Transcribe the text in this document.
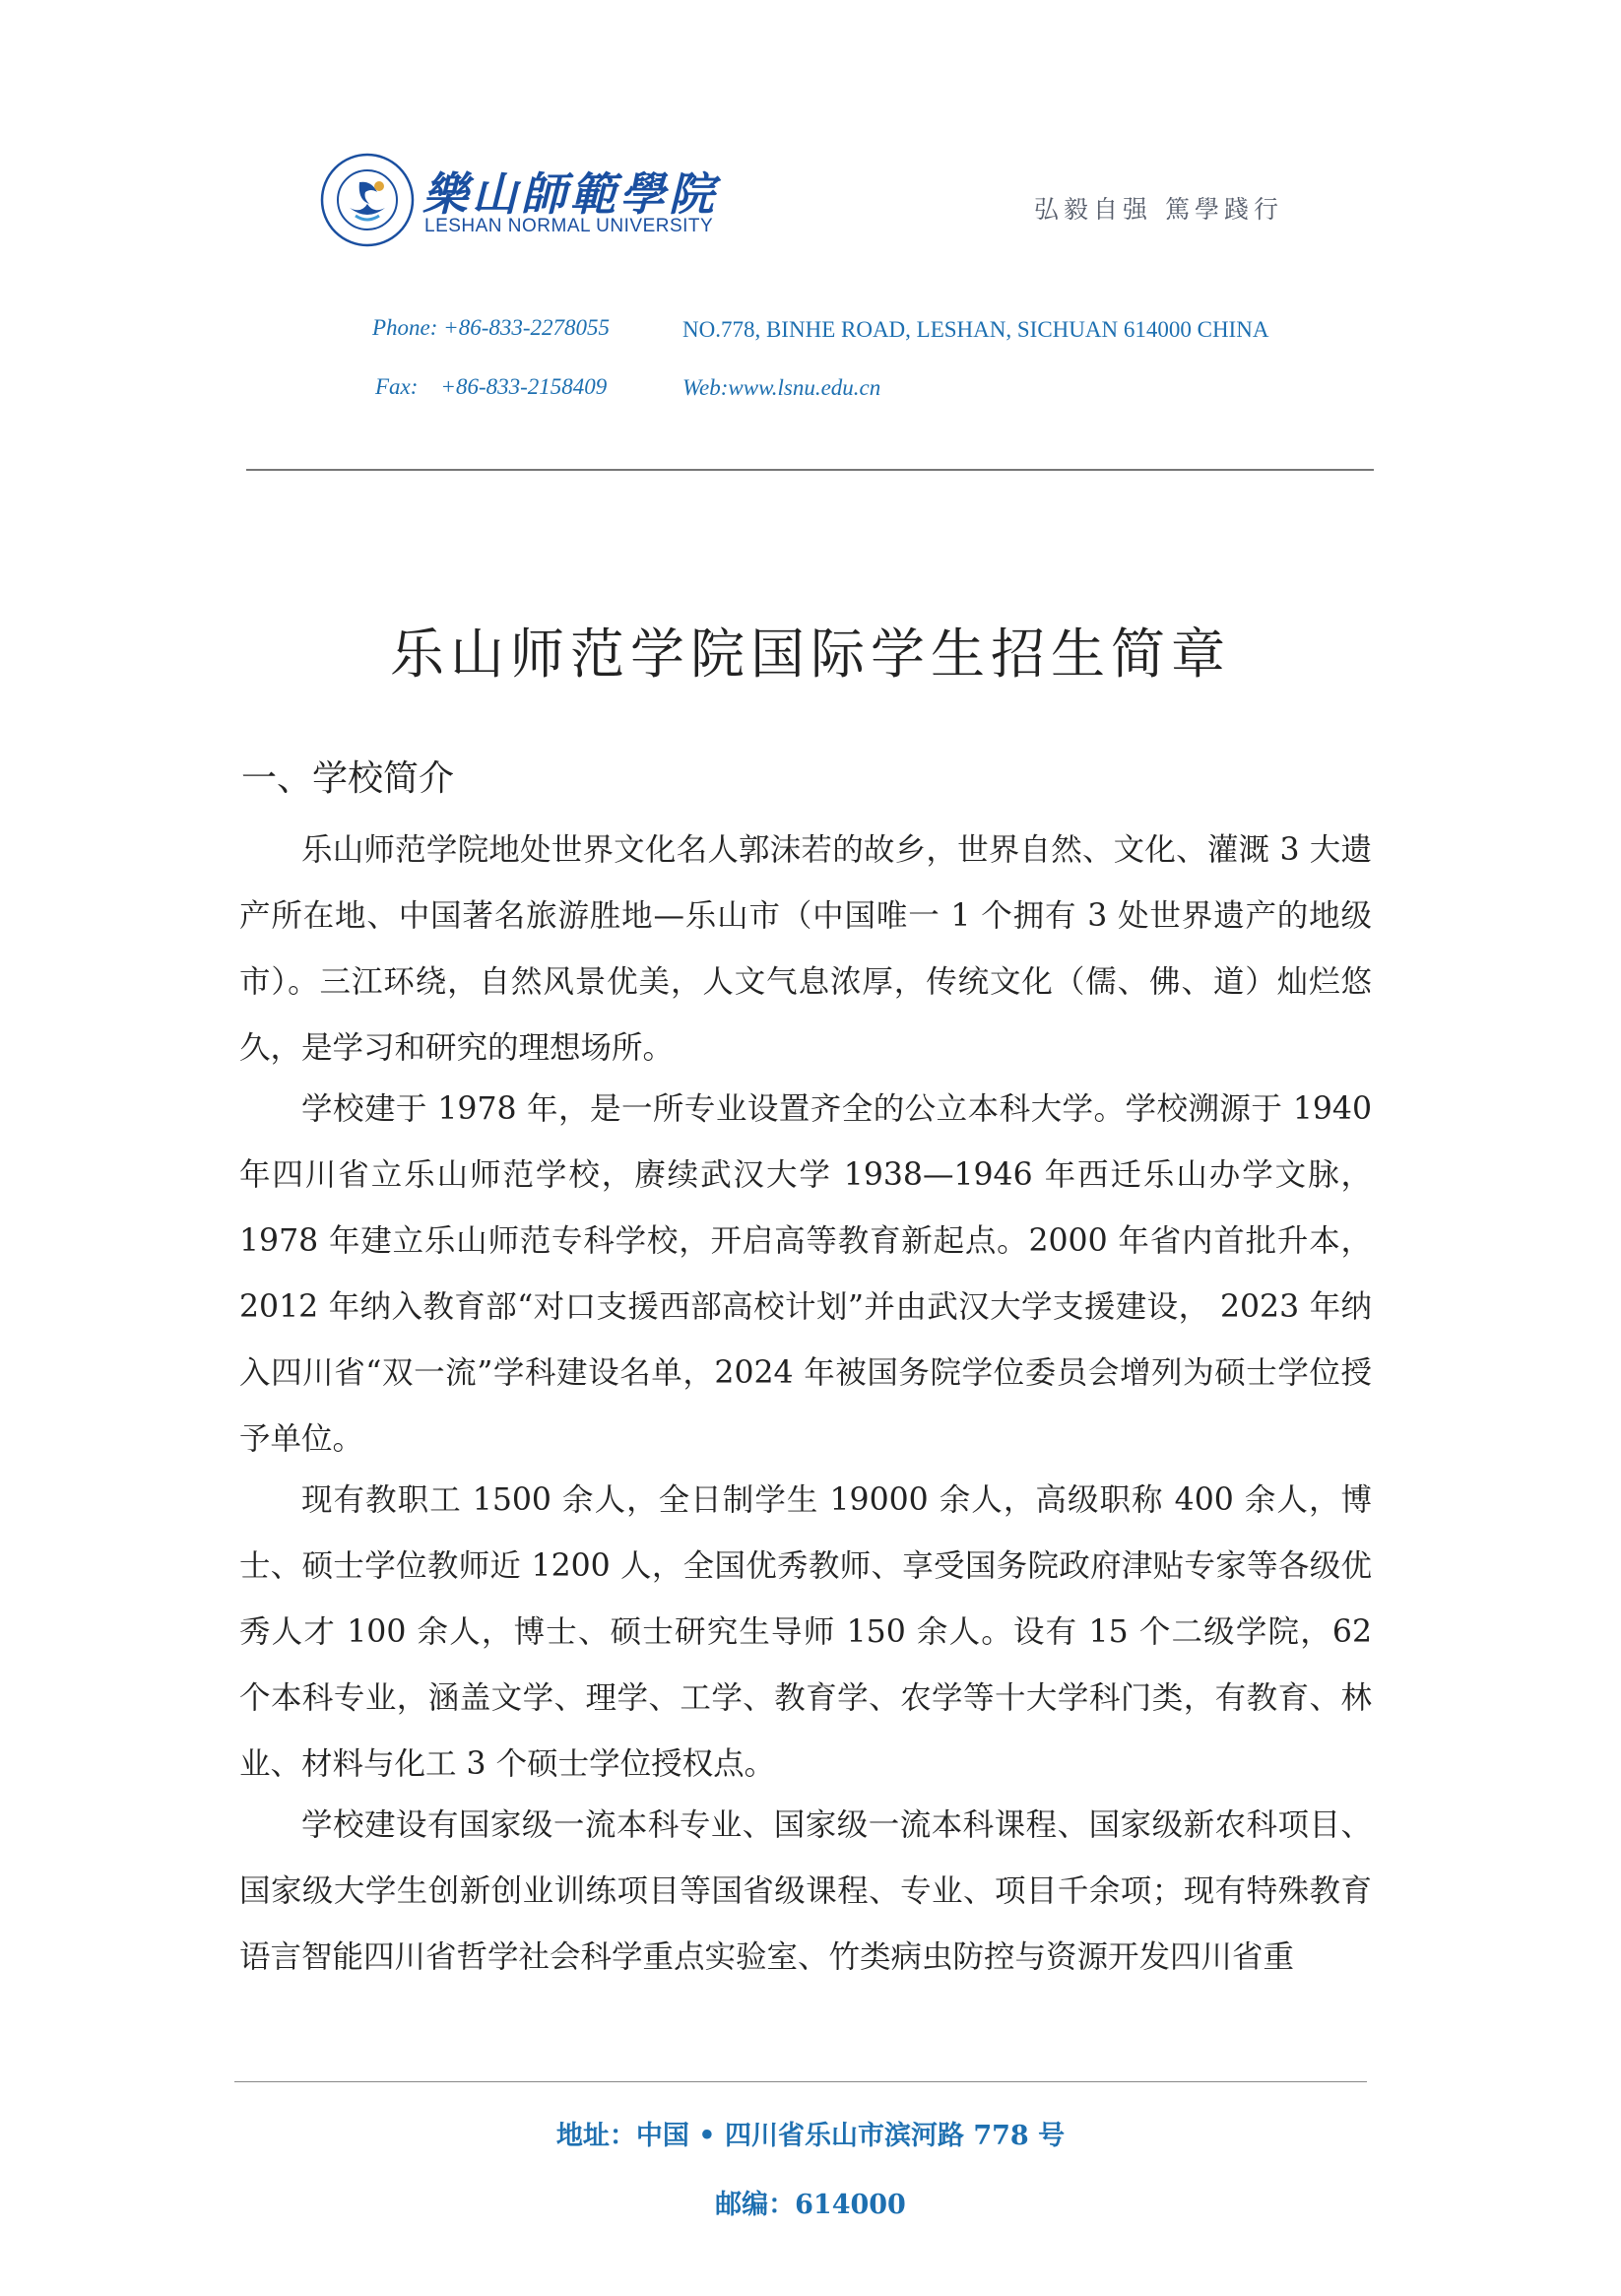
樂山師範學院
LESHAN NORMAL UNIVERSITY
弘毅自强 篤學踐行
Phone: +86-833-2278055	NO.778, BINHE ROAD, LESHAN, SICHUAN 614000 CHINA
Fax:    +86-833-2158409	Web:www.lsnu.edu.cn
乐山师范学院国际学生招生简章
一、学校简介
乐山师范学院地处世界文化名人郭沫若的故乡，世界自然、文化、灌溉 3 大遗产所在地、中国著名旅游胜地—乐山市（中国唯一 1 个拥有 3 处世界遗产的地级市）。三江环绕，自然风景优美，人文气息浓厚，传统文化（儒、佛、道）灿烂悠久，是学习和研究的理想场所。
学校建于 1978 年，是一所专业设置齐全的公立本科大学。学校溯源于 1940 年四川省立乐山师范学校，赓续武汉大学 1938—1946 年西迁乐山办学文脉，1978 年建立乐山师范专科学校，开启高等教育新起点。2000 年省内首批升本，2012 年纳入教育部“对口支援西部高校计划”并由武汉大学支援建设， 2023 年纳入四川省“双一流”学科建设名单，2024 年被国务院学位委员会增列为硕士学位授予单位。
现有教职工 1500 余人，全日制学生 19000 余人，高级职称 400 余人，博士、硕士学位教师近 1200 人，全国优秀教师、享受国务院政府津贴专家等各级优秀人才 100 余人，博士、硕士研究生导师 150 余人。设有 15 个二级学院，62 个本科专业，涵盖文学、理学、工学、教育学、农学等十大学科门类，有教育、林业、材料与化工 3 个硕士学位授权点。
学校建设有国家级一流本科专业、国家级一流本科课程、国家级新农科项目、国家级大学生创新创业训练项目等国省级课程、专业、项目千余项；现有特殊教育语言智能四川省哲学社会科学重点实验室、竹类病虫防控与资源开发四川省重
地址：中国 • 四川省乐山市滨河路 778 号
邮编：614000
